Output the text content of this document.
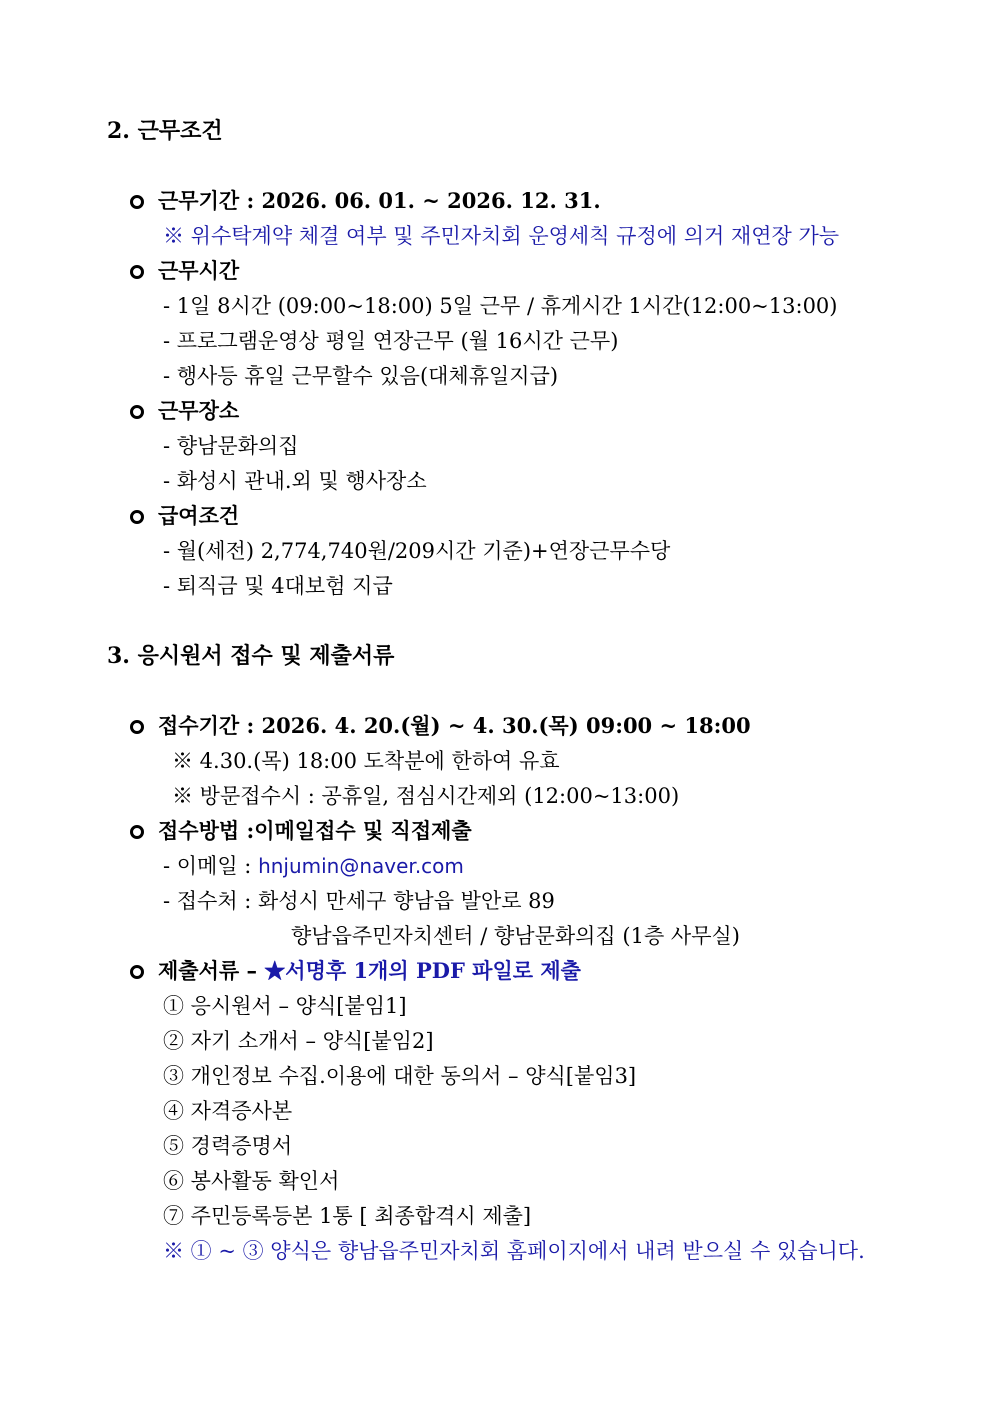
2. 근무조건
근무기간 : 2026. 06. 01. ~ 2026. 12. 31.
※ 위수탁계약 체결 여부 및 주민자치회 운영세칙 규정에 의거 재연장 가능
근무시간
- 1일 8시간 (09:00~18:00) 5일 근무 / 휴게시간 1시간(12:00~13:00)
- 프로그램운영상 평일 연장근무 (월 16시간 근무)
- 행사등 휴일 근무할수 있음(대체휴일지급)
근무장소
- 향남문화의집
- 화성시 관내.외 및 행사장소
급여조건
- 월(세전) 2,774,740원/209시간 기준)+연장근무수당
- 퇴직금 및 4대보험 지급
3. 응시원서 접수 및 제출서류
접수기간 : 2026. 4. 20.(월) ~ 4. 30.(목) 09:00 ~ 18:00
※ 4.30.(목) 18:00 도착분에 한하여 유효
※ 방문접수시 : 공휴일, 점심시간제외 (12:00~13:00)
접수방법 :이메일접수 및 직접제출
- 이메일 : hnjumin@naver.com
- 접수처 : 화성시 만세구 향남읍 발안로 89
향남읍주민자치센터 / 향남문화의집 (1층 사무실)
제출서류 – ★서명후 1개의 PDF 파일로 제출
① 응시원서 – 양식[붙임1]
② 자기 소개서 – 양식[붙임2]
③ 개인정보 수집.이용에 대한 동의서 – 양식[붙임3]
④ 자격증사본
⑤ 경력증명서
⑥ 봉사활동 확인서
⑦ 주민등록등본 1통 [ 최종합격시 제출]
※ ① ~ ③ 양식은 향남읍주민자치회 홈페이지에서 내려 받으실 수 있습니다.
